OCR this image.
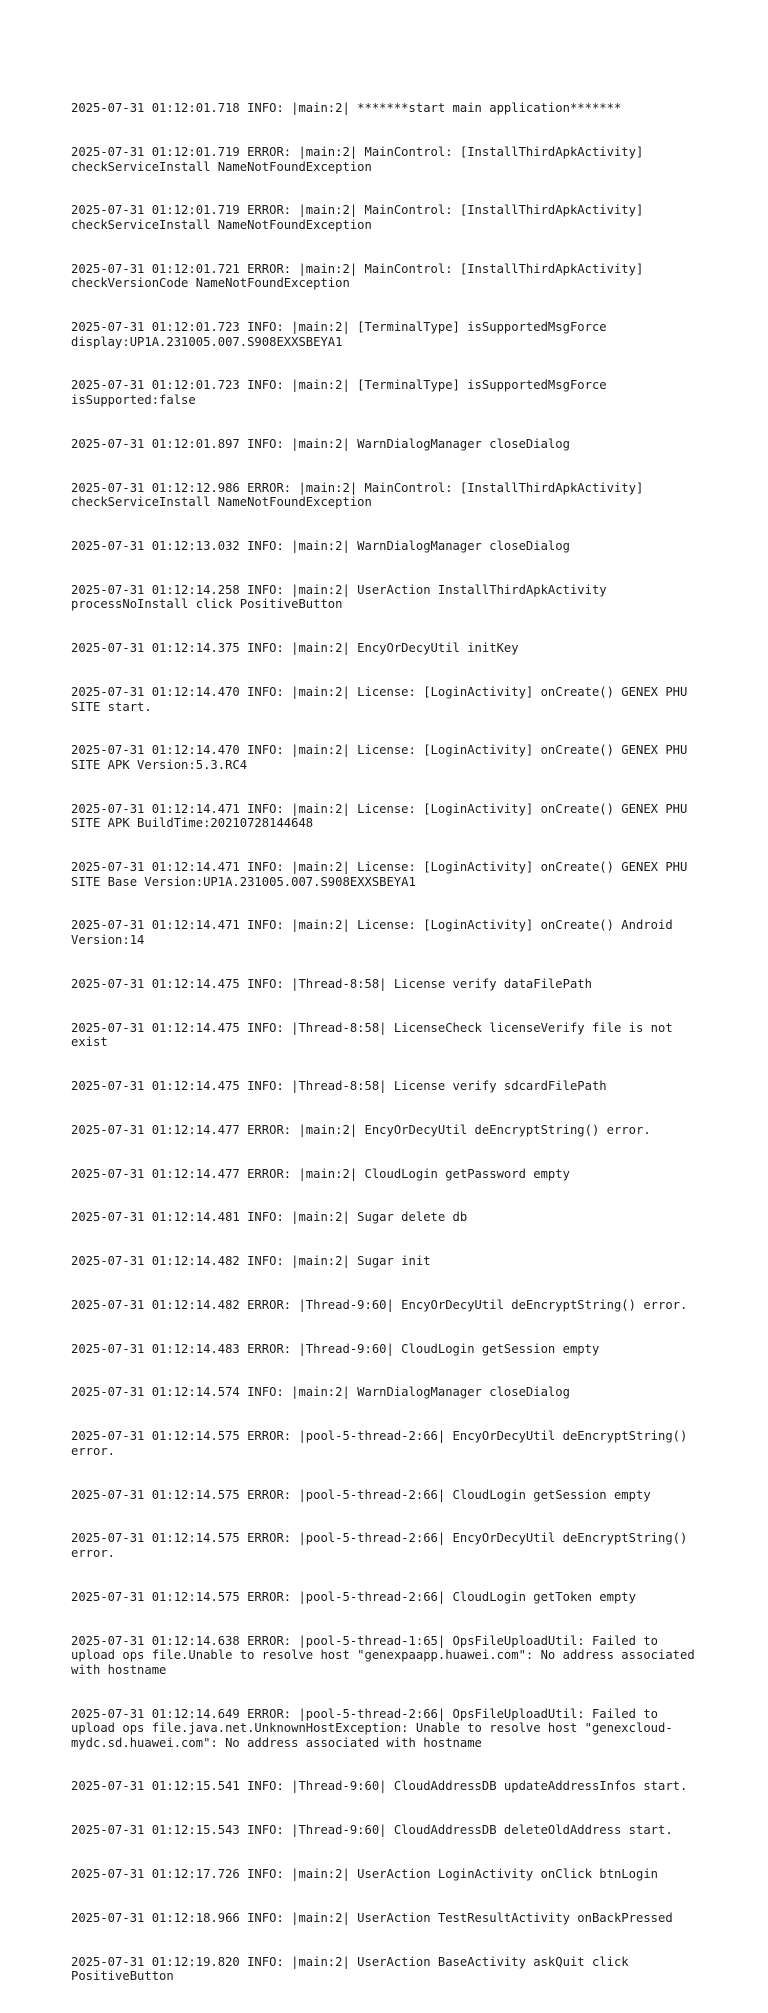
2025-07-31 01:12:01.718 INFO: |main:2| *******start main application*******

2025-07-31 01:12:01.719 ERROR: |main:2| MainControl: [InstallThirdApkActivity] checkServiceInstall NameNotFoundException

2025-07-31 01:12:01.719 ERROR: |main:2| MainControl: [InstallThirdApkActivity] checkServiceInstall NameNotFoundException

2025-07-31 01:12:01.721 ERROR: |main:2| MainControl: [InstallThirdApkActivity] checkVersionCode NameNotFoundException

2025-07-31 01:12:01.723 INFO: |main:2| [TerminalType] isSupportedMsgForce display:UP1A.231005.007.S908EXXSBEYA1

2025-07-31 01:12:01.723 INFO: |main:2| [TerminalType] isSupportedMsgForce isSupported:false

2025-07-31 01:12:01.897 INFO: |main:2| WarnDialogManager closeDialog

2025-07-31 01:12:12.986 ERROR: |main:2| MainControl: [InstallThirdApkActivity] checkServiceInstall NameNotFoundException

2025-07-31 01:12:13.032 INFO: |main:2| WarnDialogManager closeDialog

2025-07-31 01:12:14.258 INFO: |main:2| UserAction InstallThirdApkActivity processNoInstall click PositiveButton

2025-07-31 01:12:14.375 INFO: |main:2| EncyOrDecyUtil initKey

2025-07-31 01:12:14.470 INFO: |main:2| License: [LoginActivity] onCreate() GENEX PHU SITE start.

2025-07-31 01:12:14.470 INFO: |main:2| License: [LoginActivity] onCreate() GENEX PHU SITE APK Version:5.3.RC4

2025-07-31 01:12:14.471 INFO: |main:2| License: [LoginActivity] onCreate() GENEX PHU SITE APK BuildTime:20210728144648

2025-07-31 01:12:14.471 INFO: |main:2| License: [LoginActivity] onCreate() GENEX PHU SITE Base Version:UP1A.231005.007.S908EXXSBEYA1

2025-07-31 01:12:14.471 INFO: |main:2| License: [LoginActivity] onCreate() Android Version:14

2025-07-31 01:12:14.475 INFO: |Thread-8:58| License verify dataFilePath

2025-07-31 01:12:14.475 INFO: |Thread-8:58| LicenseCheck licenseVerify file is not exist

2025-07-31 01:12:14.475 INFO: |Thread-8:58| License verify sdcardFilePath

2025-07-31 01:12:14.477 ERROR: |main:2| EncyOrDecyUtil deEncryptString() error.

2025-07-31 01:12:14.477 ERROR: |main:2| CloudLogin getPassword empty

2025-07-31 01:12:14.481 INFO: |main:2| Sugar delete db

2025-07-31 01:12:14.482 INFO: |main:2| Sugar init

2025-07-31 01:12:14.482 ERROR: |Thread-9:60| EncyOrDecyUtil deEncryptString() error.

2025-07-31 01:12:14.483 ERROR: |Thread-9:60| CloudLogin getSession empty

2025-07-31 01:12:14.574 INFO: |main:2| WarnDialogManager closeDialog

2025-07-31 01:12:14.575 ERROR: |pool-5-thread-2:66| EncyOrDecyUtil deEncryptString() error.

2025-07-31 01:12:14.575 ERROR: |pool-5-thread-2:66| CloudLogin getSession empty

2025-07-31 01:12:14.575 ERROR: |pool-5-thread-2:66| EncyOrDecyUtil deEncryptString() error.

2025-07-31 01:12:14.575 ERROR: |pool-5-thread-2:66| CloudLogin getToken empty

2025-07-31 01:12:14.638 ERROR: |pool-5-thread-1:65| OpsFileUploadUtil: Failed to upload ops file.Unable to resolve host "genexpaapp.huawei.com": No address associated with hostname

2025-07-31 01:12:14.649 ERROR: |pool-5-thread-2:66| OpsFileUploadUtil: Failed to upload ops file.java.net.UnknownHostException: Unable to resolve host "genexcloud-mydc.sd.huawei.com": No address associated with hostname

2025-07-31 01:12:15.541 INFO: |Thread-9:60| CloudAddressDB updateAddressInfos start.

2025-07-31 01:12:15.543 INFO: |Thread-9:60| CloudAddressDB deleteOldAddress start.

2025-07-31 01:12:17.726 INFO: |main:2| UserAction LoginActivity onClick btnLogin

2025-07-31 01:12:18.966 INFO: |main:2| UserAction TestResultActivity onBackPressed

2025-07-31 01:12:19.820 INFO: |main:2| UserAction BaseActivity askQuit click PositiveButton
